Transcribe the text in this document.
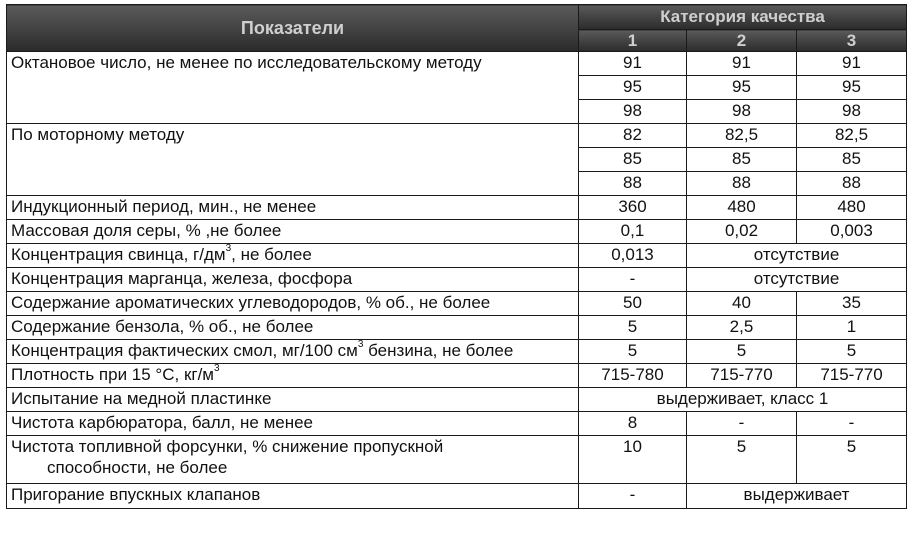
Показатели	Категория качества		
	1	2	3
Октановое число, не менее по исследовательскому методу	91	91	91
	95	95	95
	98	98	98
По моторному методу	82	82,5	82,5
	85	85	85
	88	88	88
Индукционный период, мин., не менее	360	480	480
Массовая доля серы, % ,не более	0,1	0,02	0,003
Концентрация свинца, $г/дм^3$, не более	0,013	отсутствие	
Концентрация марганца, железа, фосфора	-	отсутствие	
Содержание ароматических углеводородов, % об., не более	50	40	35
Содержание бензола, % об., не более	5	2,5	1
Концентрация фактических смол, мг/100 $см^3$ бензина, не более	5	5	5
Плотность при 15 °С, $кг/м^3$	715-780	715-770	715-770
Испытание на медной пластинке	выдерживает, класс 1		
Чистота карбюратора, балл, не менее	8	-	-
Чистота топливной форсунки, % снижение пропускной
способности, не более	10	5	5
Пригорание впускных клапанов	-	выдерживает	
